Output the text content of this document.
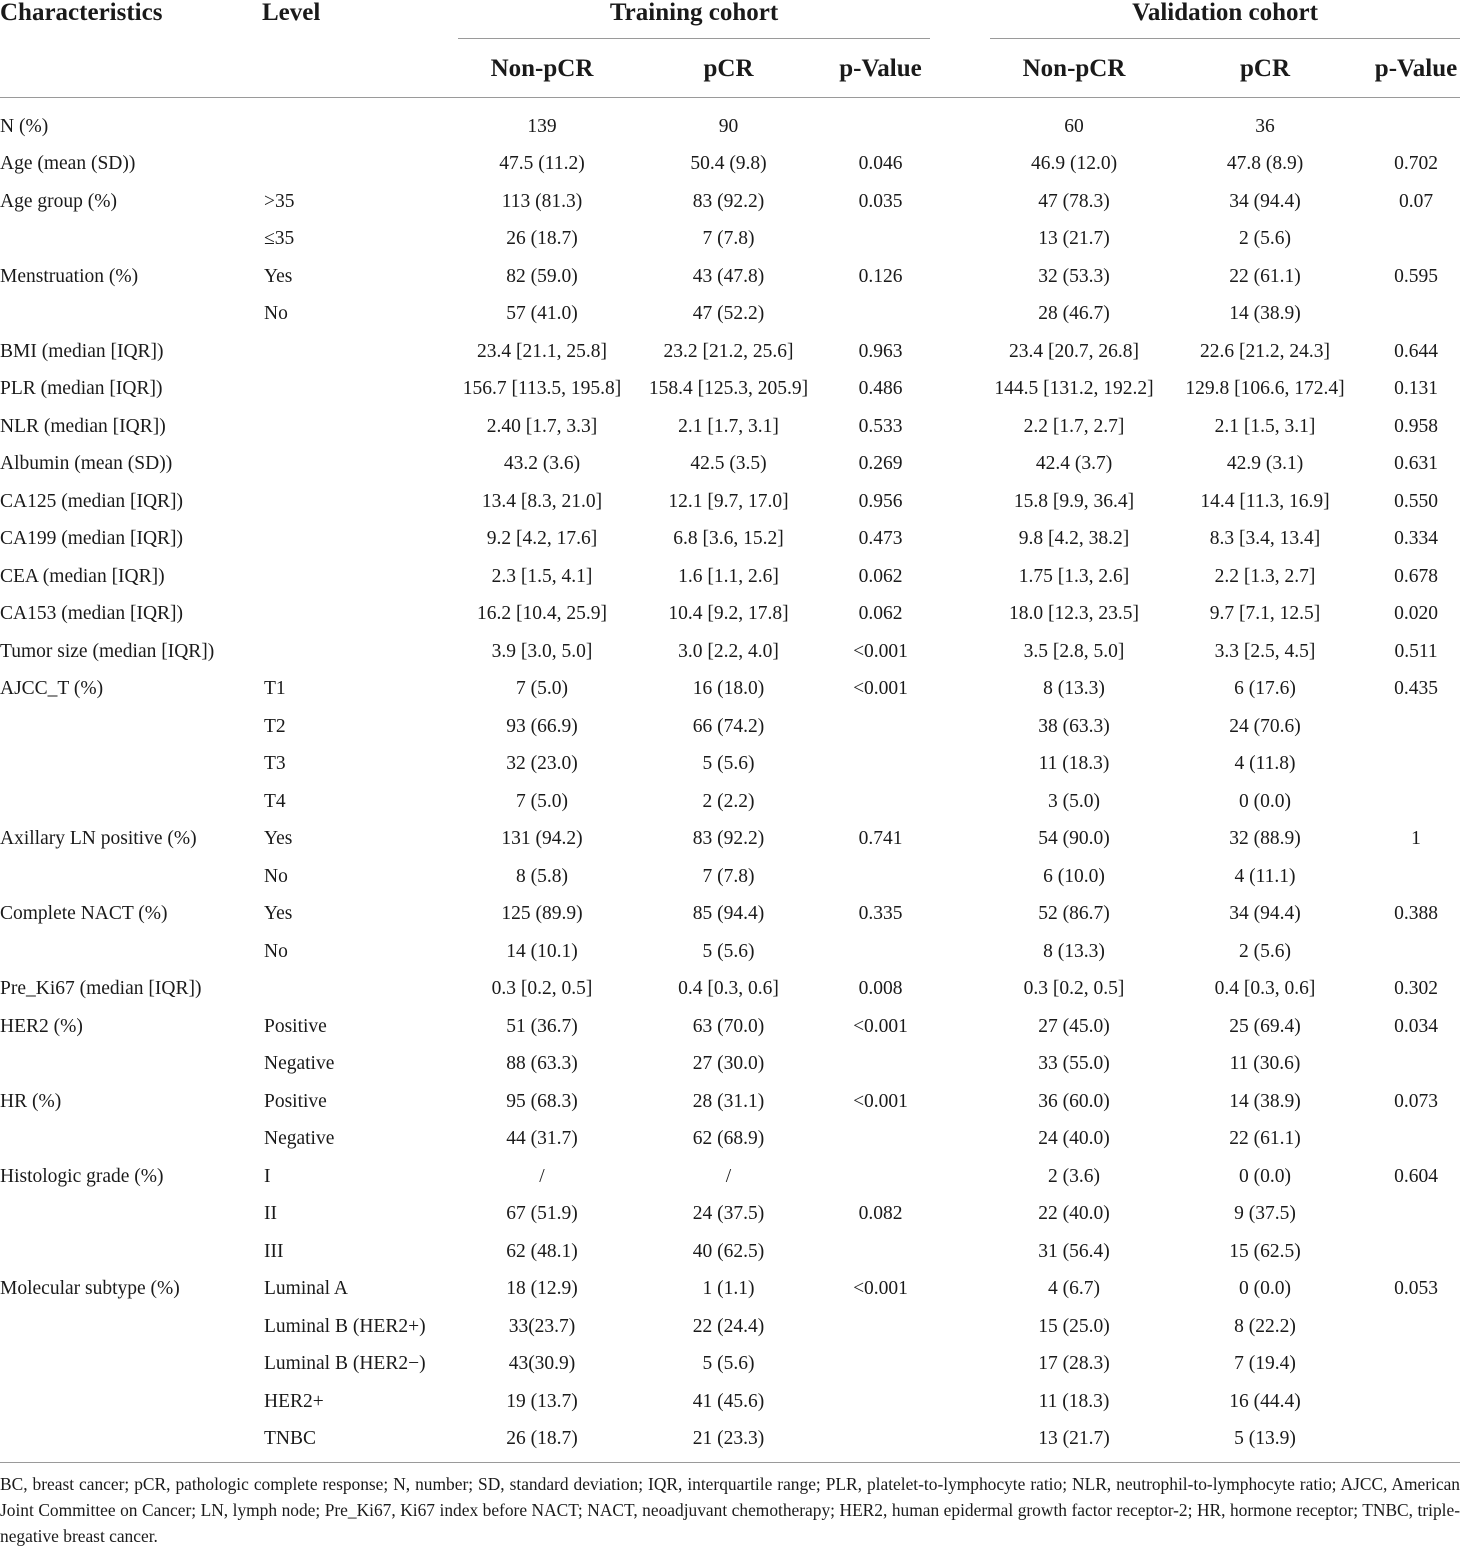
Characteristics	Level	Training cohort				Validation cohort		

		Non-pCR	pCR	p-Value		Non-pCR	pCR	p-Value
N (%)		139	90			60	36	
Age (mean (SD))		47.5 (11.2)	50.4 (9.8)	0.046		46.9 (12.0)	47.8 (8.9)	0.702
Age group (%)	>35	113 (81.3)	83 (92.2)	0.035		47 (78.3)	34 (94.4)	0.07
	≤35	26 (18.7)	7 (7.8)			13 (21.7)	2 (5.6)	
Menstruation (%)	Yes	82 (59.0)	43 (47.8)	0.126		32 (53.3)	22 (61.1)	0.595
	No	57 (41.0)	47 (52.2)			28 (46.7)	14 (38.9)	
BMI (median [IQR])		23.4 [21.1, 25.8]	23.2 [21.2, 25.6]	0.963		23.4 [20.7, 26.8]	22.6 [21.2, 24.3]	0.644
PLR (median [IQR])		156.7 [113.5, 195.8]	158.4 [125.3, 205.9]	0.486		144.5 [131.2, 192.2]	129.8 [106.6, 172.4]	0.131
NLR (median [IQR])		2.40 [1.7, 3.3]	2.1 [1.7, 3.1]	0.533		2.2 [1.7, 2.7]	2.1 [1.5, 3.1]	0.958
Albumin (mean (SD))		43.2 (3.6)	42.5 (3.5)	0.269		42.4 (3.7)	42.9 (3.1)	0.631
CA125 (median [IQR])		13.4 [8.3, 21.0]	12.1 [9.7, 17.0]	0.956		15.8 [9.9, 36.4]	14.4 [11.3, 16.9]	0.550
CA199 (median [IQR])		9.2 [4.2, 17.6]	6.8 [3.6, 15.2]	0.473		9.8 [4.2, 38.2]	8.3 [3.4, 13.4]	0.334
CEA (median [IQR])		2.3 [1.5, 4.1]	1.6 [1.1, 2.6]	0.062		1.75 [1.3, 2.6]	2.2 [1.3, 2.7]	0.678
CA153 (median [IQR])		16.2 [10.4, 25.9]	10.4 [9.2, 17.8]	0.062		18.0 [12.3, 23.5]	9.7 [7.1, 12.5]	0.020
Tumor size (median [IQR])		3.9 [3.0, 5.0]	3.0 [2.2, 4.0]	<0.001		3.5 [2.8, 5.0]	3.3 [2.5, 4.5]	0.511
AJCC_T (%)	T1	7 (5.0)	16 (18.0)	<0.001		8 (13.3)	6 (17.6)	0.435
	T2	93 (66.9)	66 (74.2)			38 (63.3)	24 (70.6)	
	T3	32 (23.0)	5 (5.6)			11 (18.3)	4 (11.8)	
	T4	7 (5.0)	2 (2.2)			3 (5.0)	0 (0.0)	
Axillary LN positive (%)	Yes	131 (94.2)	83 (92.2)	0.741		54 (90.0)	32 (88.9)	1
	No	8 (5.8)	7 (7.8)			6 (10.0)	4 (11.1)	
Complete NACT (%)	Yes	125 (89.9)	85 (94.4)	0.335		52 (86.7)	34 (94.4)	0.388
	No	14 (10.1)	5 (5.6)			8 (13.3)	2 (5.6)	
Pre_Ki67 (median [IQR])		0.3 [0.2, 0.5]	0.4 [0.3, 0.6]	0.008		0.3 [0.2, 0.5]	0.4 [0.3, 0.6]	0.302
HER2 (%)	Positive	51 (36.7)	63 (70.0)	<0.001		27 (45.0)	25 (69.4)	0.034
	Negative	88 (63.3)	27 (30.0)			33 (55.0)	11 (30.6)	
HR (%)	Positive	95 (68.3)	28 (31.1)	<0.001		36 (60.0)	14 (38.9)	0.073
	Negative	44 (31.7)	62 (68.9)			24 (40.0)	22 (61.1)	
Histologic grade (%)	I	/	/			2 (3.6)	0 (0.0)	0.604
	II	67 (51.9)	24 (37.5)	0.082		22 (40.0)	9 (37.5)	
	III	62 (48.1)	40 (62.5)			31 (56.4)	15 (62.5)	
Molecular subtype (%)	Luminal A	18 (12.9)	1 (1.1)	<0.001		4 (6.7)	0 (0.0)	0.053
	Luminal B (HER2+)	33(23.7)	22 (24.4)			15 (25.0)	8 (22.2)	
	Luminal B (HER2−)	43(30.9)	5 (5.6)			17 (28.3)	7 (19.4)	
	HER2+	19 (13.7)	41 (45.6)			11 (18.3)	16 (44.4)	
	TNBC	26 (18.7)	21 (23.3)			13 (21.7)	5 (13.9)	
BC, breast cancer; pCR, pathologic complete response; N, number; SD, standard deviation; IQR, interquartile range; PLR, platelet-to-lymphocyte ratio; NLR, neutrophil-to-lymphocyte ratio; AJCC, American Joint Committee on Cancer; LN, lymph node; Pre_Ki67, Ki67 index before NACT; NACT, neoadjuvant chemotherapy; HER2, human epidermal growth factor receptor-2; HR, hormone receptor; TNBC, triple-negative breast cancer.
